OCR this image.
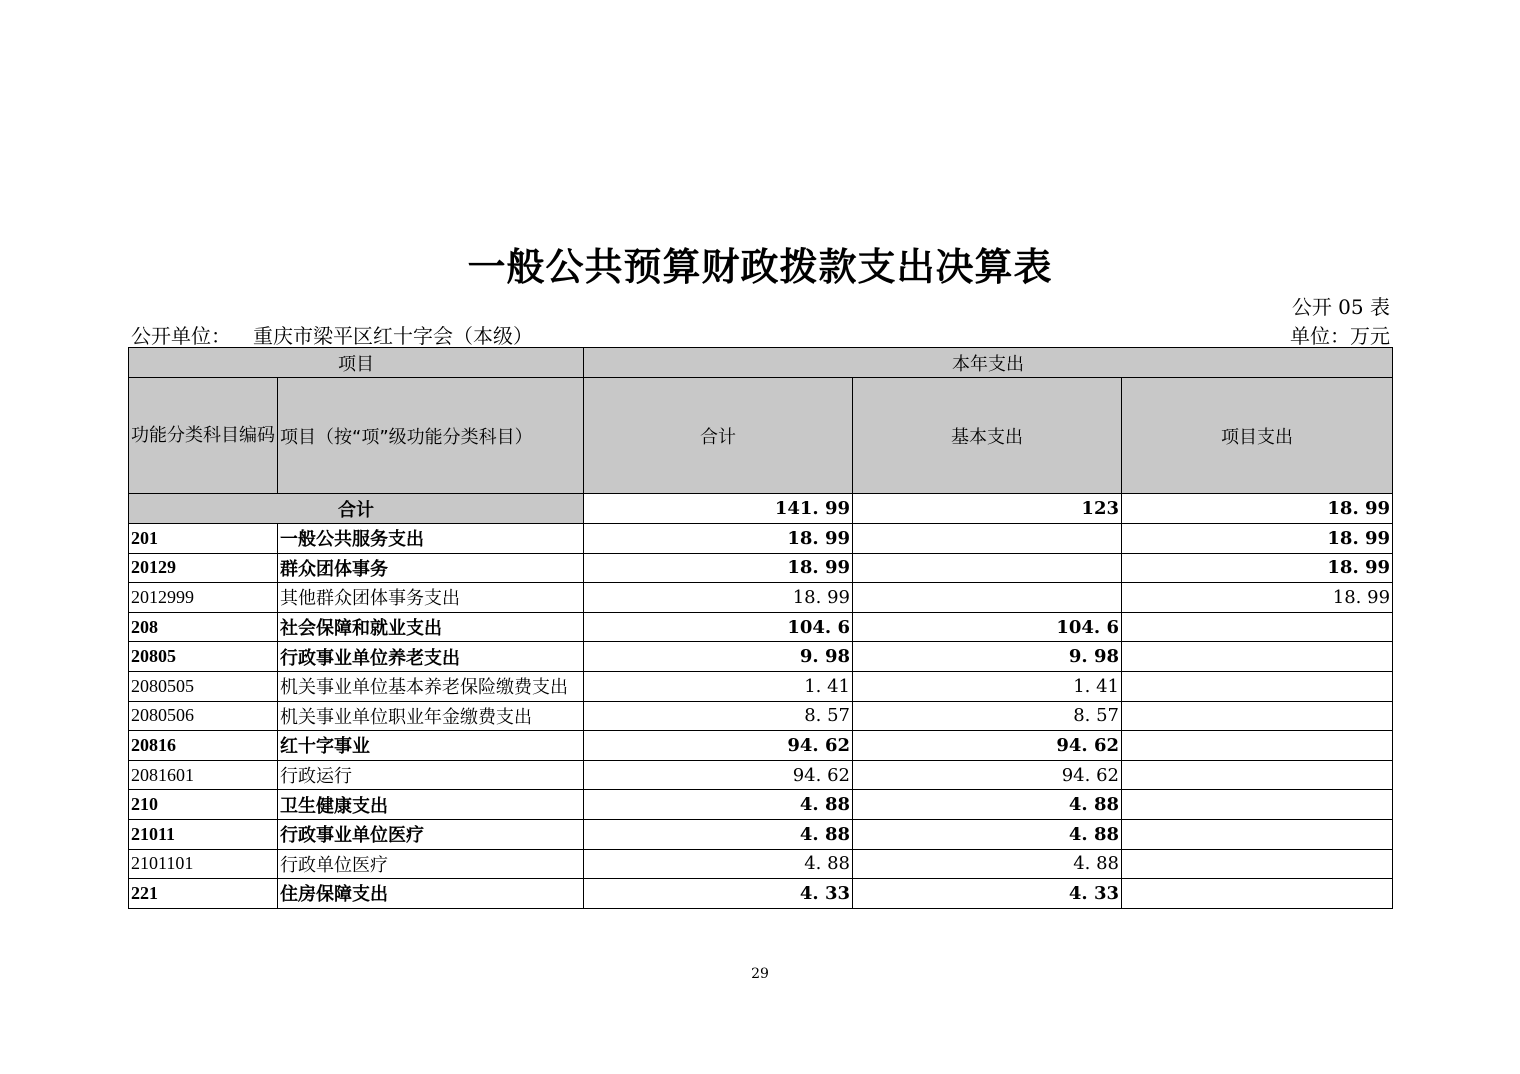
一般公共预算财政拨款支出决算表
公开 05 表
公开单位： 重庆市梁平区红十字会（本级）	单位：万元
项目		本年支出		
功能分类科目编码	项目（按“项”级功能分类科目）	合计	基本支出	项目支出
合计		141. 99	123	18. 99
201	一般公共服务支出	18. 99		18. 99
20129	群众团体事务	18. 99		18. 99
2012999	其他群众团体事务支出	18. 99		18. 99
208	社会保障和就业支出	104. 6	104. 6	
20805	行政事业单位养老支出	9. 98	9. 98	
2080505	机关事业单位基本养老保险缴费支出	1. 41	1. 41	
2080506	机关事业单位职业年金缴费支出	8. 57	8. 57	
20816	红十字事业	94. 62	94. 62	
2081601	行政运行	94. 62	94. 62	
210	卫生健康支出	4. 88	4. 88	
21011	行政事业单位医疗	4. 88	4. 88	
2101101	行政单位医疗	4. 88	4. 88	
221	住房保障支出	4. 33	4. 33	
29
